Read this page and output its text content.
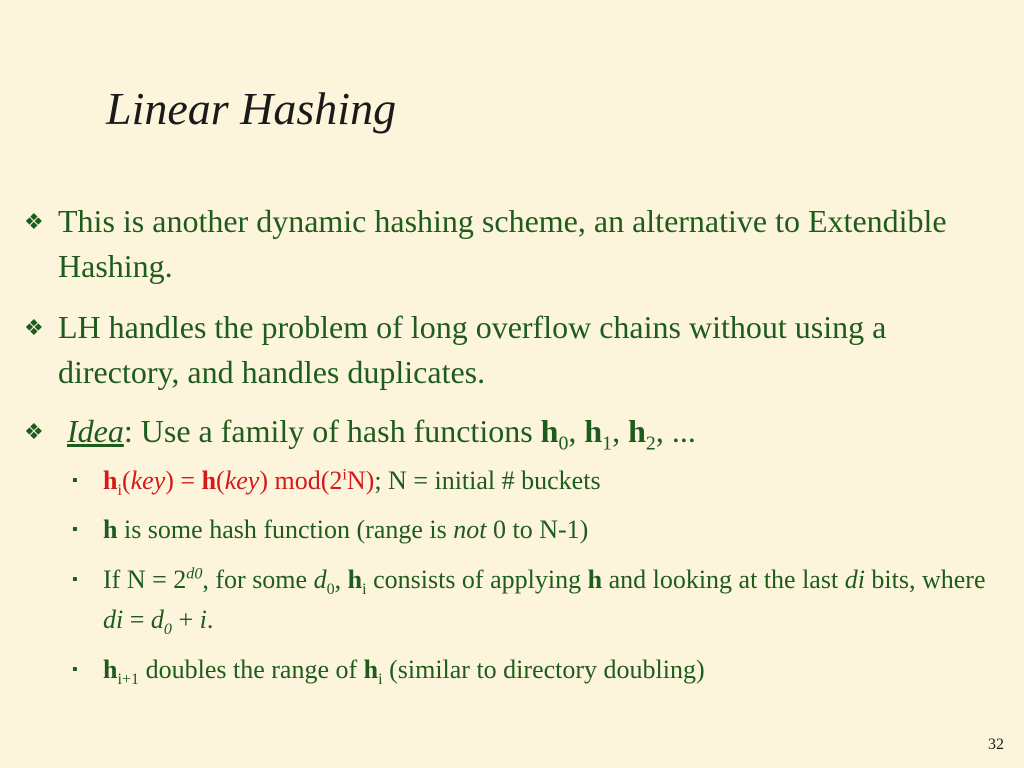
Linear Hashing
❖ This is another dynamic hashing scheme, an alternative to Extendible Hashing.
❖ LH handles the problem of long overflow chains without using a directory, and handles duplicates.
❖ Idea: Use a family of hash functions $h_0$, $h_1$, $h_2$, ...
▪ $h_i(key) = h(key)$ mod(2$^i$N); N = initial # buckets
▪ h is some hash function (range is not 0 to N-1)
▪ If $N = 2^{d0}$, for some $d_0$, $h_i$ consists of applying h and looking at the last di bits, where di = $d_0 + i$.
▪ $h_{i+1}$ doubles the range of $h_i$ (similar to directory doubling)
32
